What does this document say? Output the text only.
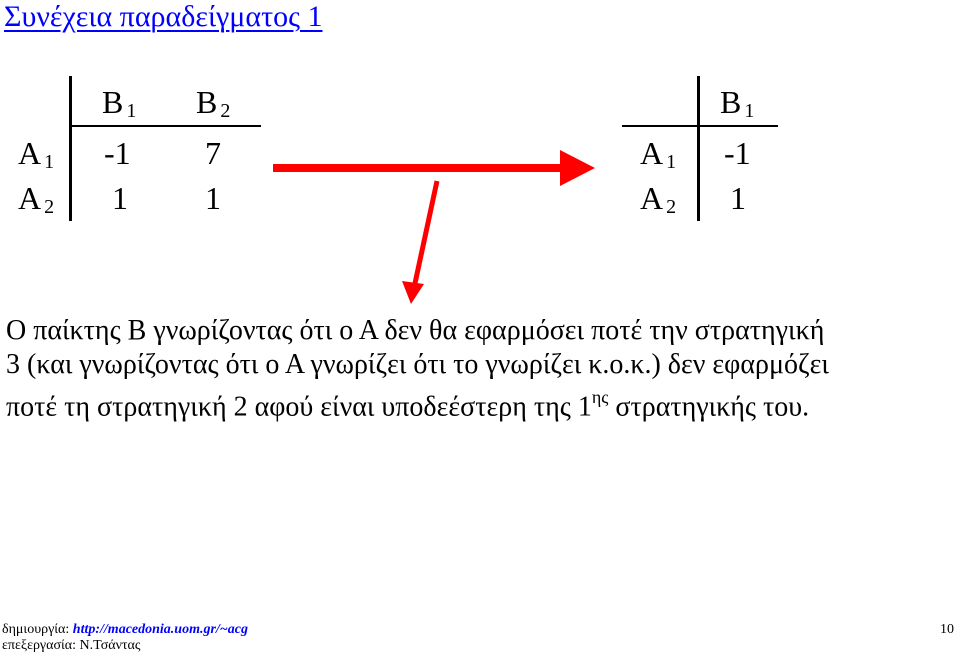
Συνέχεια παραδείγματος 1
B $_1$ B $_2$
A $_1$ -1 7
A $_2$ 1 1
B $_1$
A $_1$ -1
A $_2$ 1
Ο παίκτης Β γνωρίζοντας ότι ο Α δεν θα εφαρμόσει ποτέ την στρατηγική
3 (και γνωρίζοντας ότι ο Α γνωρίζει ότι το γνωρίζει κ.ο.κ.) δεν εφαρμόζει
ποτέ τη στρατηγική 2 αφού είναι υποδεέστερη της $1^{\eta\varsigma}$ στρατηγικής του.
δημιουργία: http://macedonia.uom.gr/~acg
επεξεργασία: Ν.Τσάντας
10
